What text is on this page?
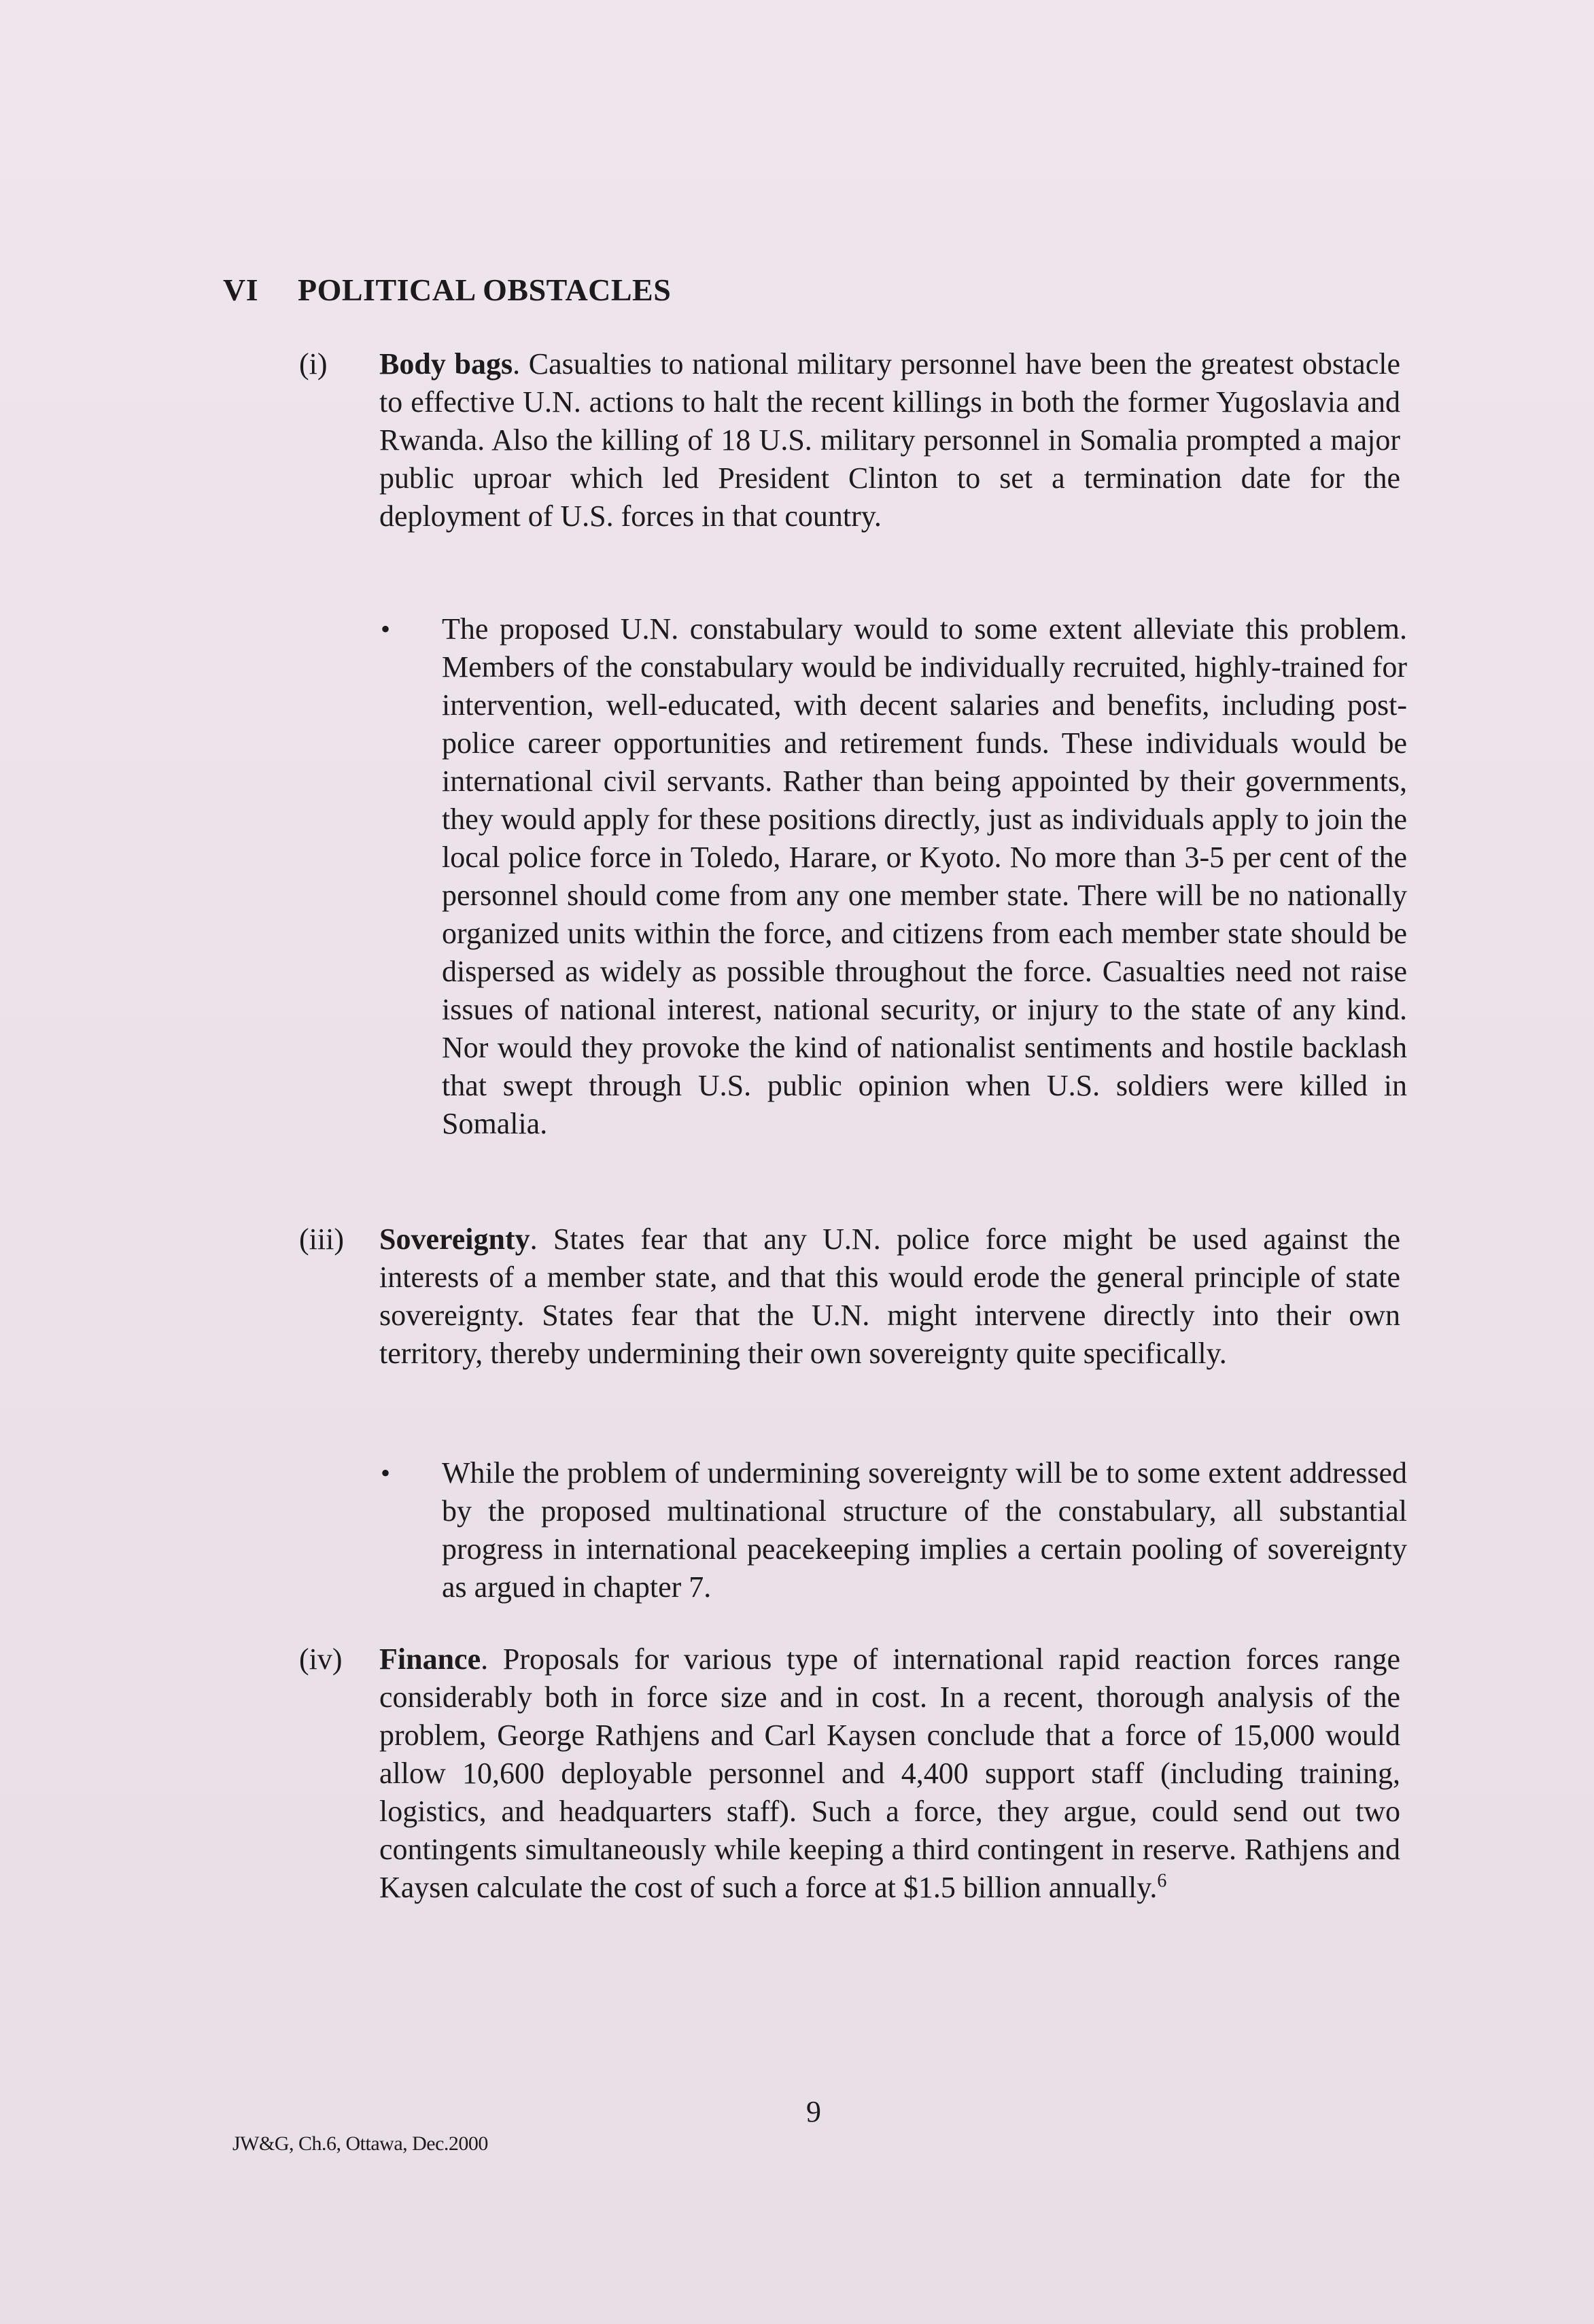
VI POLITICAL OBSTACLES
(i)	Body bags. Casualties to national military personnel have been the greatest obstacle to effective U.N. actions to halt the recent killings in both the former Yugoslavia and Rwanda. Also the killing of 18 U.S. military personnel in Somalia prompted a major public uproar which led President Clinton to set a termination date for the deployment of U.S. forces in that country.
• The proposed U.N. constabulary would to some extent alleviate this problem. Members of the constabulary would be individually recruited, highly-trained for intervention, well-educated, with decent salaries and benefits, including post-police career opportunities and retirement funds. These individuals would be international civil servants. Rather than being appointed by their governments, they would apply for these positions directly, just as individuals apply to join the local police force in Toledo, Harare, or Kyoto. No more than 3-5 per cent of the personnel should come from any one member state. There will be no nationally organized units within the force, and citizens from each member state should be dispersed as widely as possible throughout the force. Casualties need not raise issues of national interest, national security, or injury to the state of any kind. Nor would they provoke the kind of nationalist sentiments and hostile backlash that swept through U.S. public opinion when U.S. soldiers were killed in Somalia.
(iii)	Sovereignty. States fear that any U.N. police force might be used against the interests of a member state, and that this would erode the general principle of state sovereignty. States fear that the U.N. might intervene directly into their own territory, thereby undermining their own sovereignty quite specifically.
• While the problem of undermining sovereignty will be to some extent addressed by the proposed multinational structure of the constabulary, all substantial progress in international peacekeeping implies a certain pooling of sovereignty as argued in chapter 7.
(iv)	Finance. Proposals for various type of international rapid reaction forces range considerably both in force size and in cost. In a recent, thorough analysis of the problem, George Rathjens and Carl Kaysen conclude that a force of 15,000 would allow 10,600 deployable personnel and 4,400 support staff (including training, logistics, and headquarters staff). Such a force, they argue, could send out two contingents simultaneously while keeping a third contingent in reserve. Rathjens and Kaysen calculate the cost of such a force at $1.5 billion annually.$^6$
9
JW&G, Ch.6, Ottawa, Dec.2000
